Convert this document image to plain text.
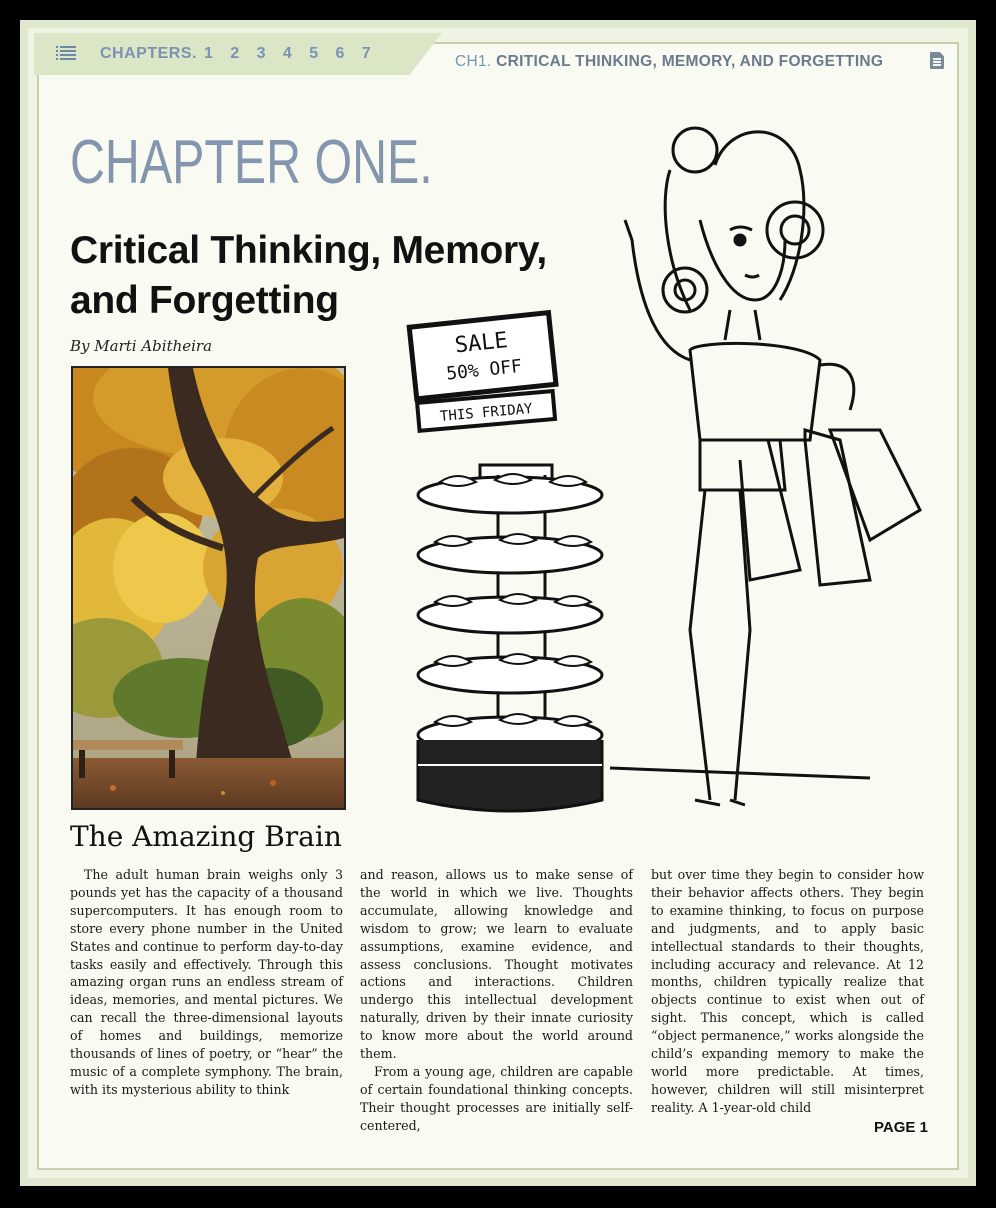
CHAPTERS. 1	2	3	4	5	6	7	CH1. CRITICAL THINKING, MEMORY, AND FORGETTING
CHAPTER ONE.
Critical Thinking, Memory, and Forgetting
By Marti Abitheira	SALE
50% OFF
THIS FRIDAY
The Amazing Brain

The adult human brain weighs only 3 pounds yet has the capacity of a thousand supercomputers. It has enough room to store every phone number in the United States and continue to perform day-to-day tasks easily and effectively. Through this amazing organ runs an endless stream of ideas, memories, and mental pictures. We can recall the three-dimensional layouts of homes and buildings, memorize thousands of lines of poetry, or “hear” the music of a complete symphony. The brain, with its mysterious ability to think

and reason, allows us to make sense of the world in which we live. Thoughts accumulate, allowing knowledge and wisdom to grow; we learn to evaluate assumptions, examine evidence, and assess conclusions. Thought motivates actions and interactions. Children undergo this intellectual development naturally, driven by their innate curiosity to know more about the world around them.

From a young age, children are capable of certain foundational thinking concepts. Their thought processes are initially self-centered,

but over time they begin to consider how their behavior affects others. They begin to examine thinking, to focus on purpose and judgments, and to apply basic intellectual standards to their thoughts, including accuracy and relevance. At 12 months, children typically realize that objects continue to exist when out of sight. This concept, which is called “object permanence,” works alongside the child’s expanding memory to make the world more predictable. At times, however, children will still misinterpret reality. A 1-year-old child

PAGE 1
